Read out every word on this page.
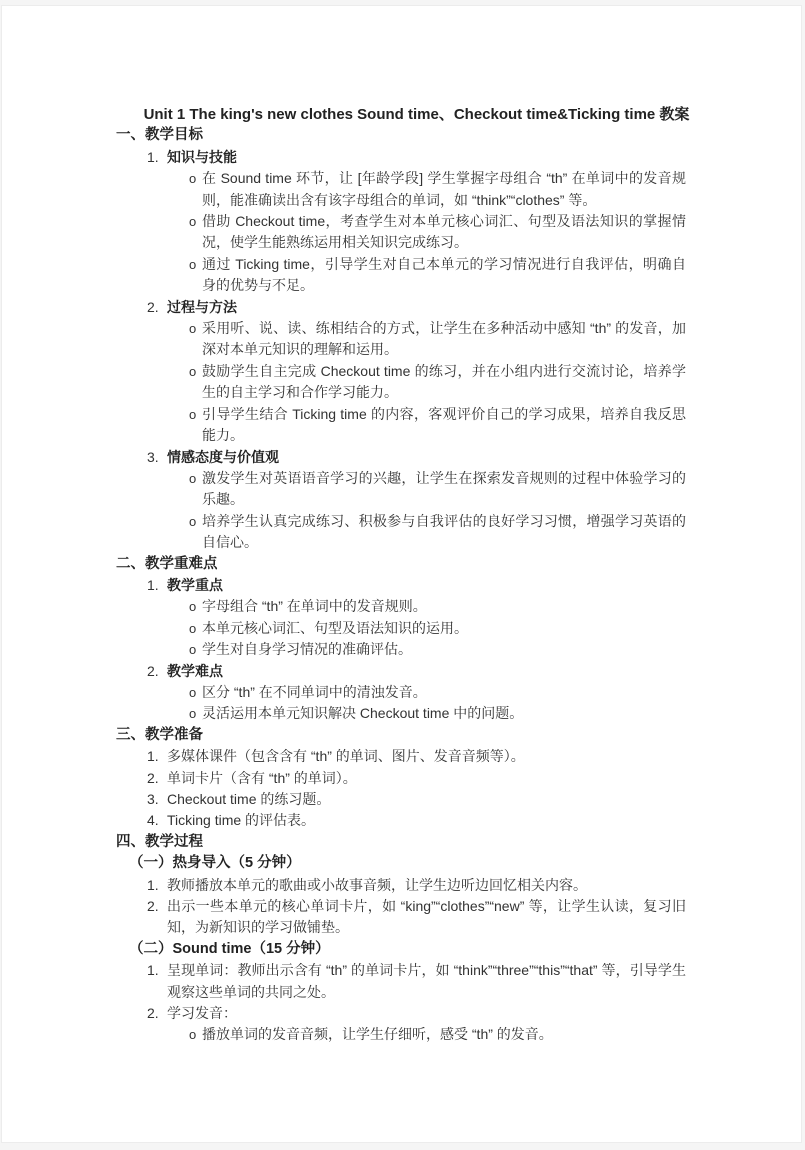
Unit 1 The king's new clothes Sound time、Checkout time&Ticking time 教案
一、教学目标
1. 知识与技能
o 在 Sound time 环节，让 [年龄学段] 学生掌握字母组合 “th” 在单词中的发音规则，能准确读出含有该字母组合的单词，如 “think”“clothes” 等。
o 借助 Checkout time，考查学生对本单元核心词汇、句型及语法知识的掌握情况，使学生能熟练运用相关知识完成练习。
o 通过 Ticking time，引导学生对自己本单元的学习情况进行自我评估，明确自身的优势与不足。
2. 过程与方法
o 采用听、说、读、练相结合的方式，让学生在多种活动中感知 “th” 的发音，加深对本单元知识的理解和运用。
o 鼓励学生自主完成 Checkout time 的练习，并在小组内进行交流讨论，培养学生的自主学习和合作学习能力。
o 引导学生结合 Ticking time 的内容，客观评价自己的学习成果，培养自我反思能力。
3. 情感态度与价值观
o 激发学生对英语语音学习的兴趣，让学生在探索发音规则的过程中体验学习的乐趣。
o 培养学生认真完成练习、积极参与自我评估的良好学习习惯，增强学习英语的自信心。
二、教学重难点
1. 教学重点
o 字母组合 “th” 在单词中的发音规则。
o 本单元核心词汇、句型及语法知识的运用。
o 学生对自身学习情况的准确评估。
2. 教学难点
o 区分 “th” 在不同单词中的清浊发音。
o 灵活运用本单元知识解决 Checkout time 中的问题。
三、教学准备
1. 多媒体课件（包含含有 “th” 的单词、图片、发音音频等）。
2. 单词卡片（含有 “th” 的单词）。
3. Checkout time 的练习题。
4. Ticking time 的评估表。
四、教学过程
（一）热身导入（5 分钟）
1. 教师播放本单元的歌曲或小故事音频，让学生边听边回忆相关内容。
2. 出示一些本单元的核心单词卡片，如 “king”“clothes”“new” 等，让学生认读，复习旧知，为新知识的学习做铺垫。
（二）Sound time（15 分钟）
1. 呈现单词：教师出示含有 “th” 的单词卡片，如 “think”“three”“this”“that” 等，引导学生观察这些单词的共同之处。
2. 学习发音：
o 播放单词的发音音频，让学生仔细听，感受 “th” 的发音。
